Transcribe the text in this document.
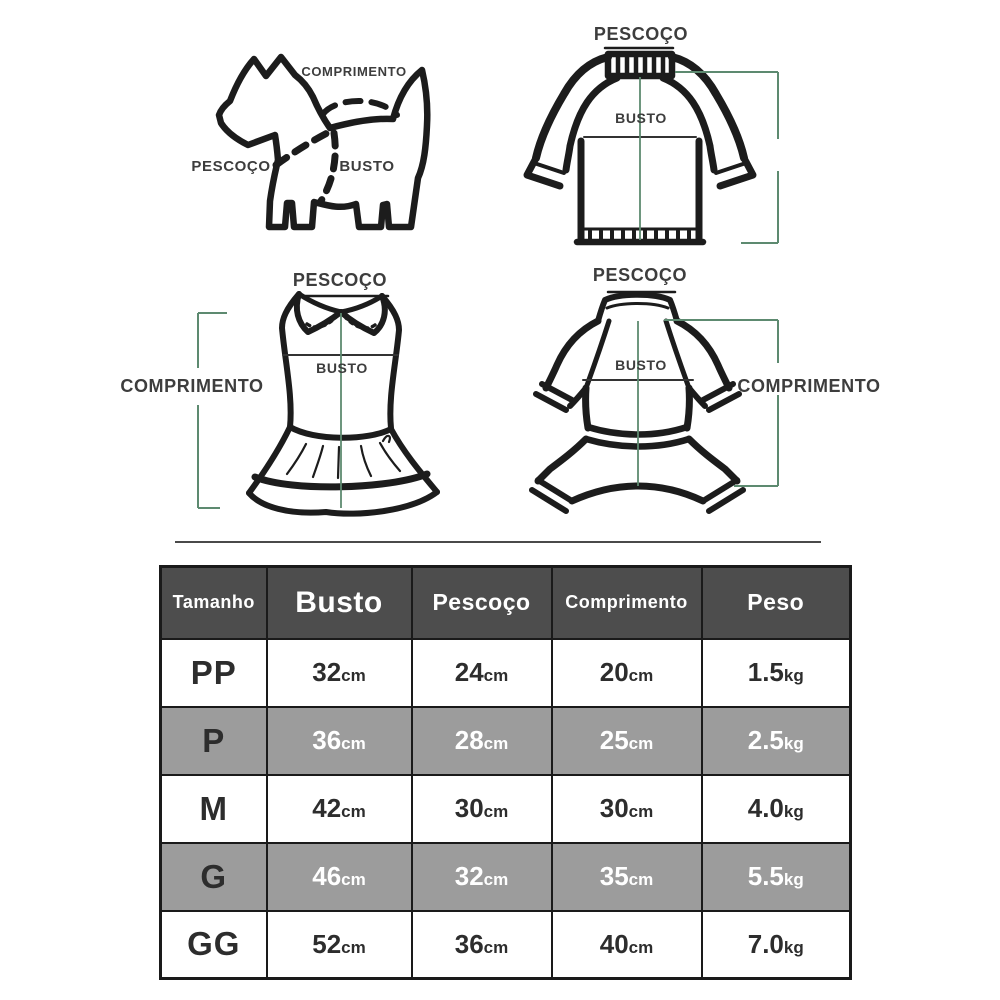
COMPRIMENTO
PESCOÇO	BUSTO
PESCOÇO
BUSTO
PESCOÇO
BUSTO
COMPRIMENTO
PESCOÇO
BUSTO
COMPRIMENTO
Tamanho	Busto	Pescoço	Comprimento	Peso
PP	32cm	24cm	20cm	1.5kg
P	36cm	28cm	25cm	2.5kg
M	42cm	30cm	30cm	4.0kg
G	46cm	32cm	35cm	5.5kg
GG	52cm	36cm	40cm	7.0kg
